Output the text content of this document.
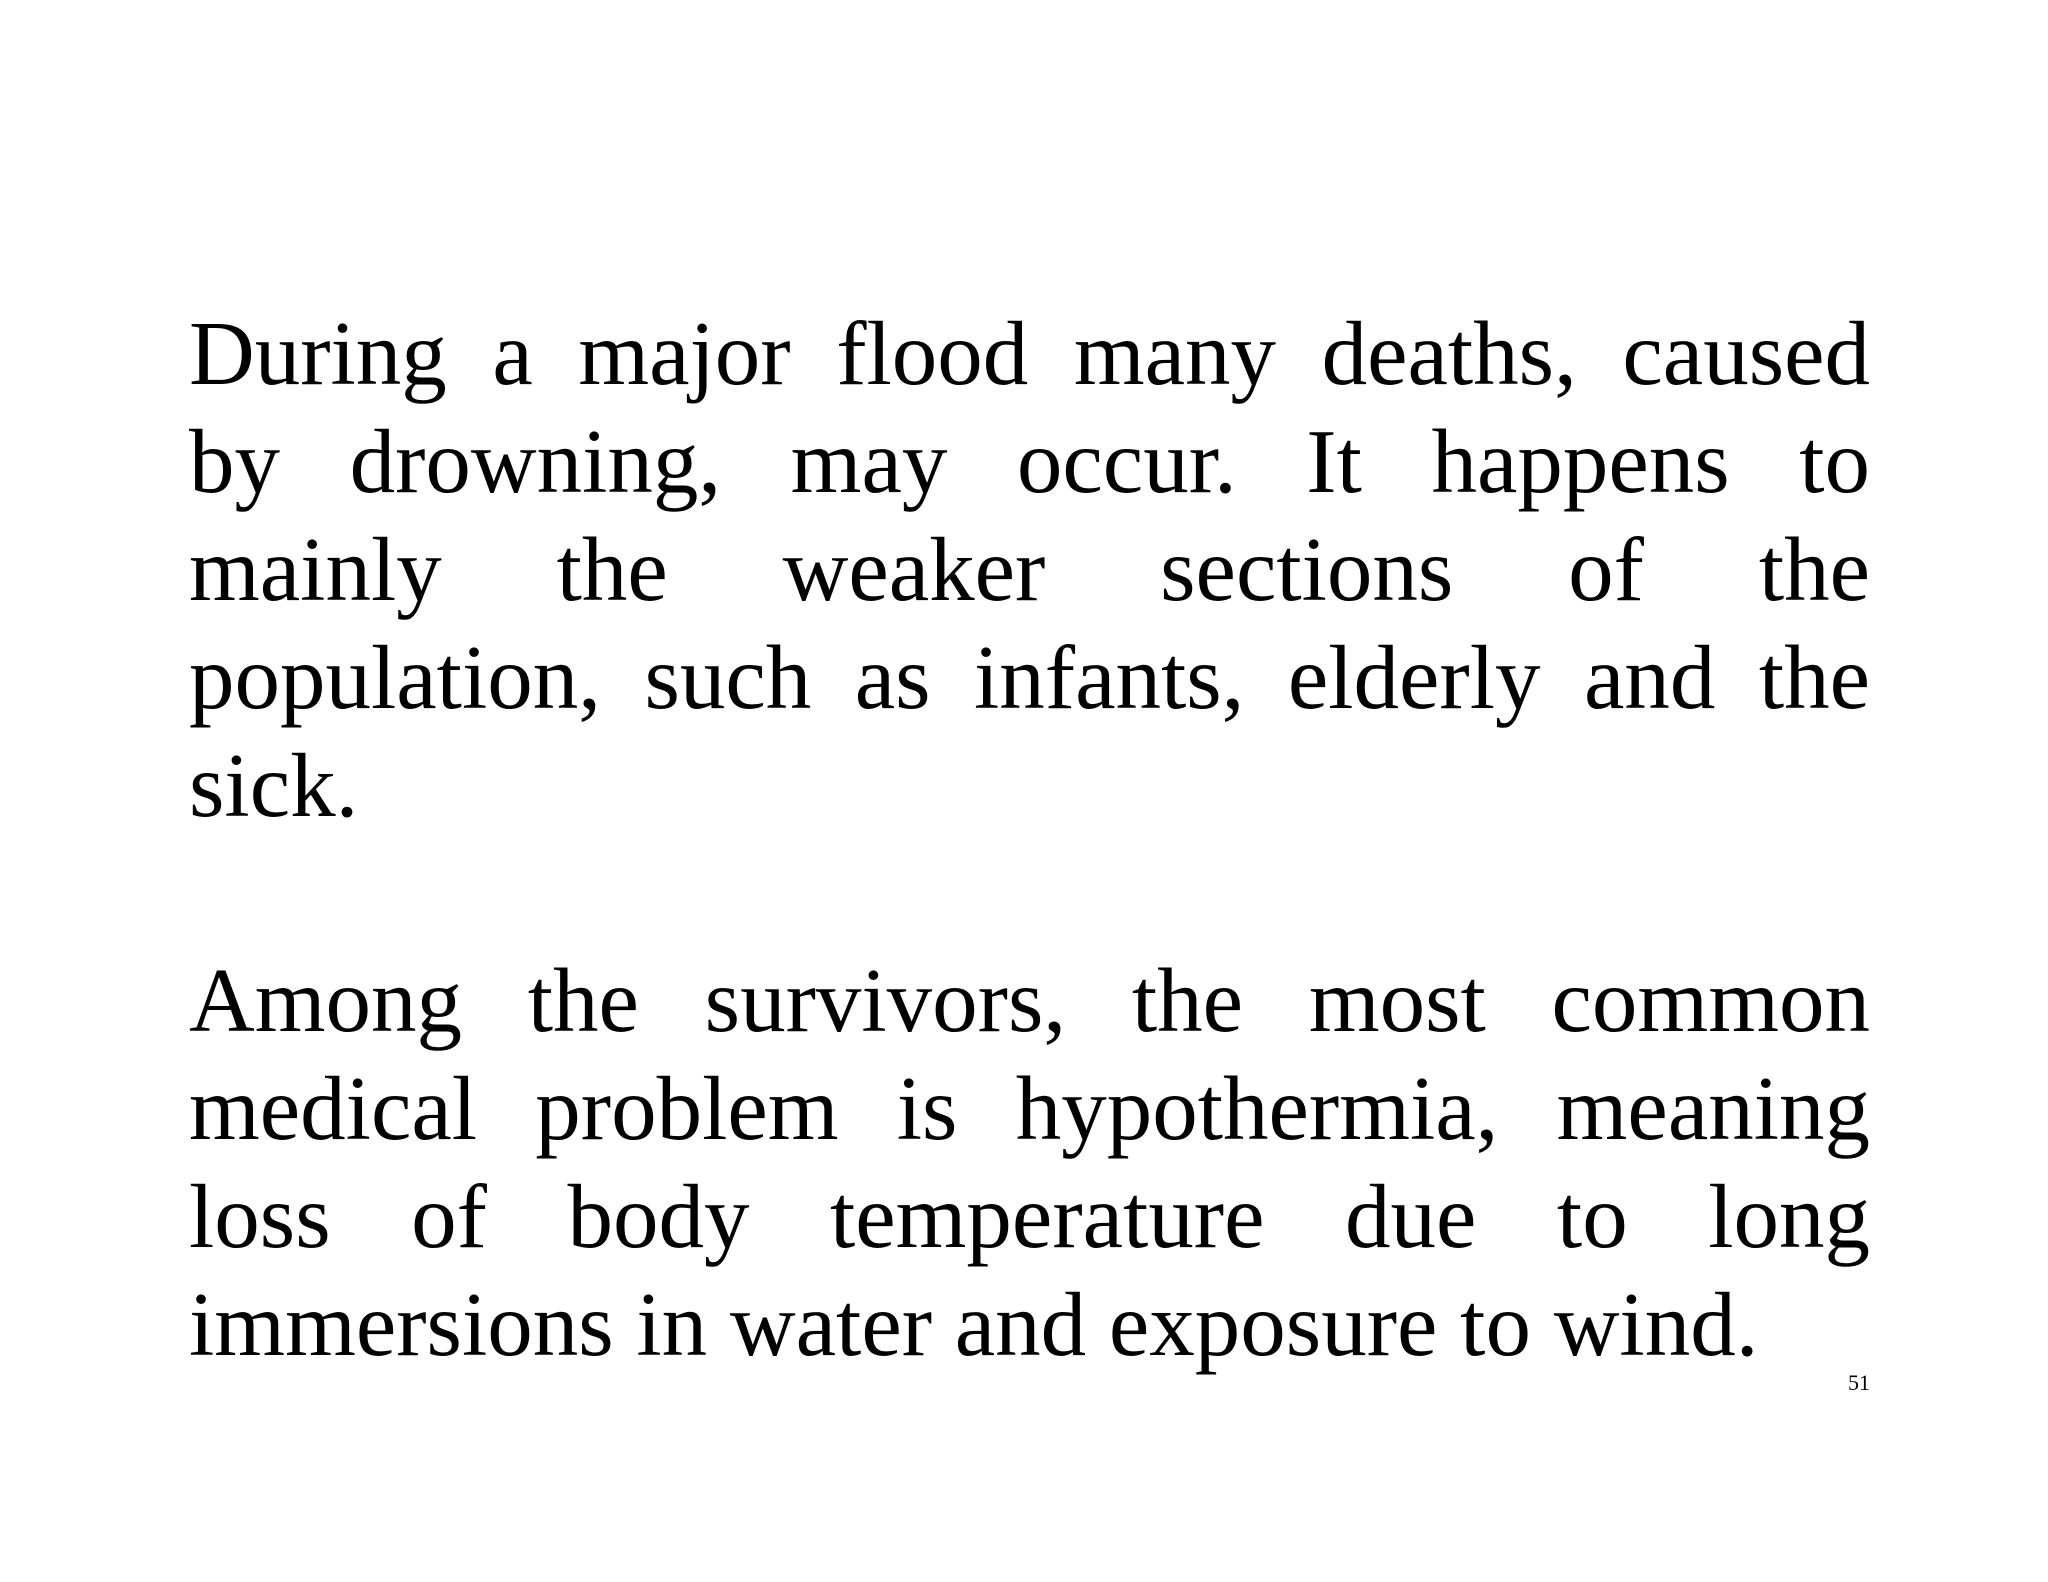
During a major flood many deaths, caused
by drowning, may occur. It happens to
mainly the weaker sections of the
population, such as infants, elderly and the
sick.
Among the survivors, the most common
medical problem is hypothermia, meaning
loss of body temperature due to long
immersions in water and exposure to wind.
51
